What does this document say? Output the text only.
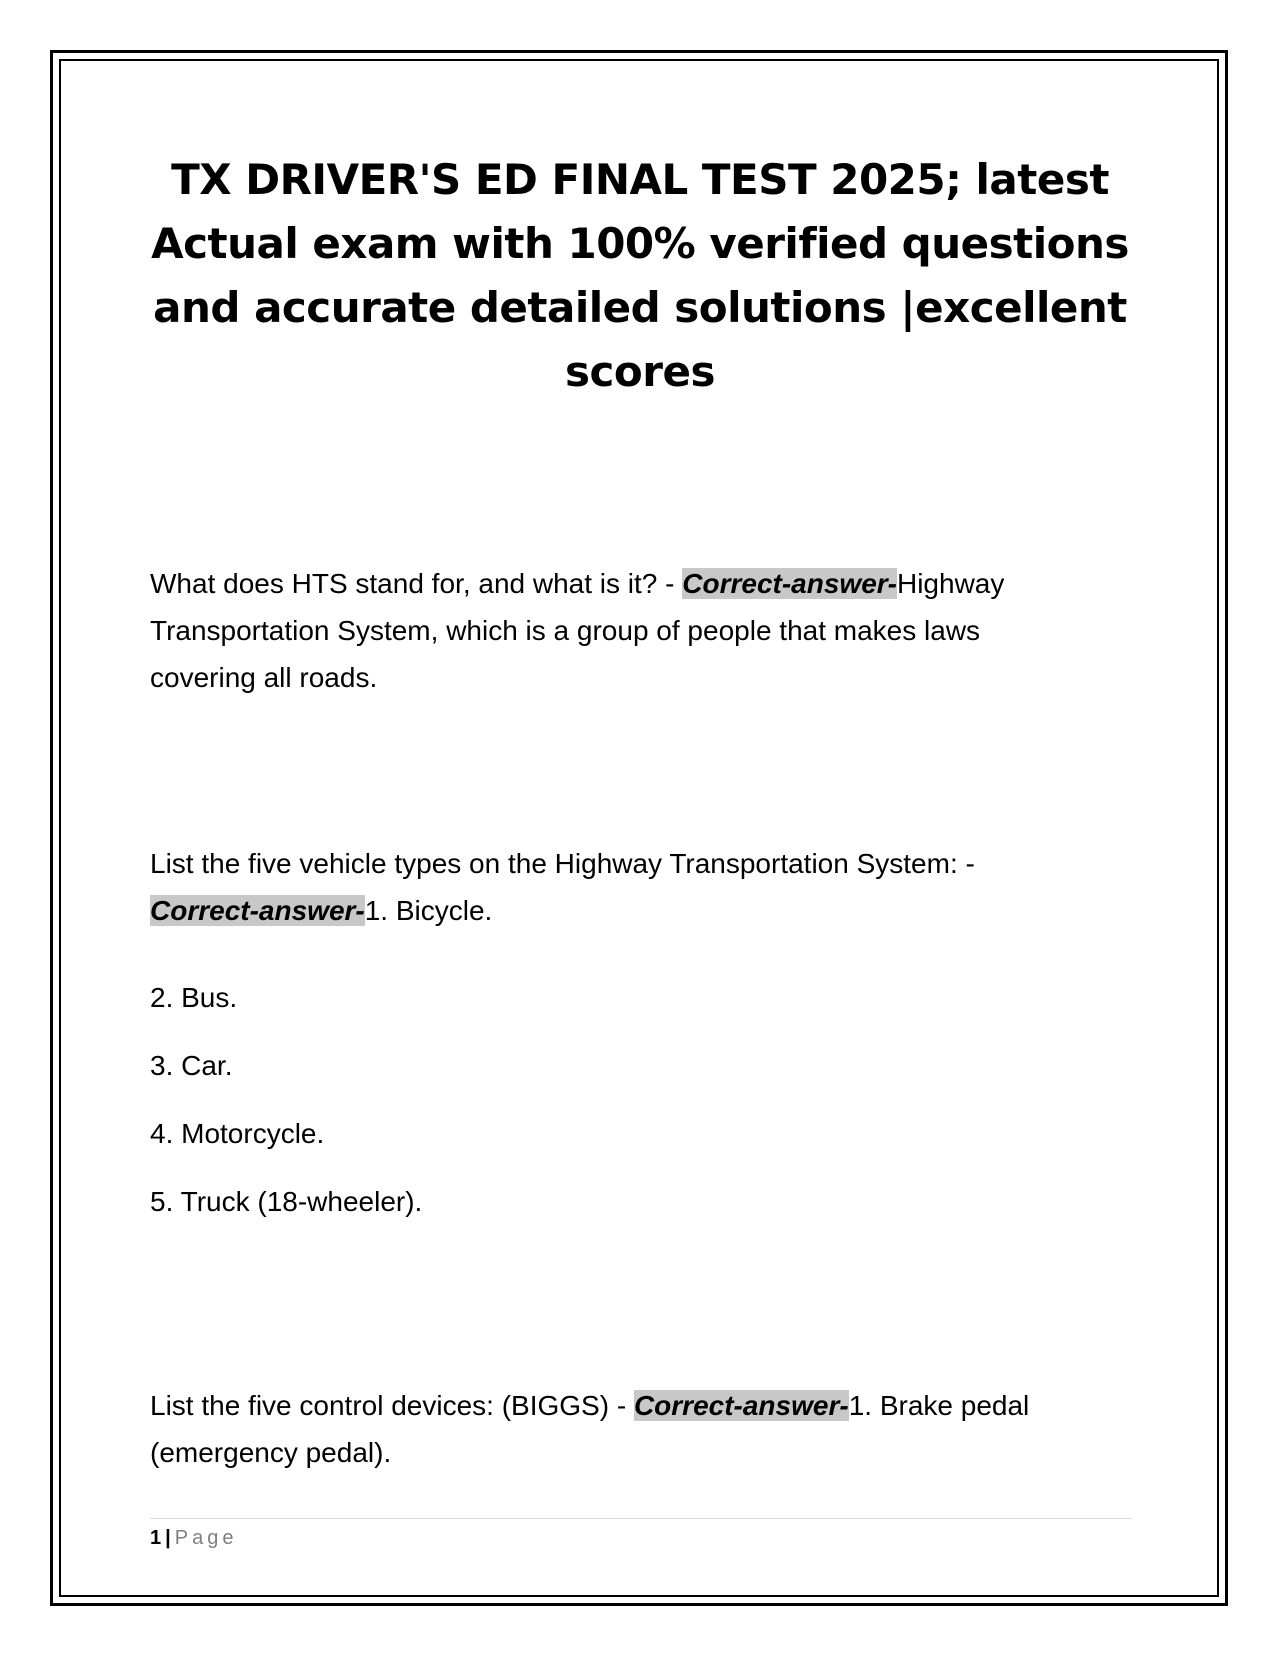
TX DRIVER'S ED FINAL TEST 2025; latest Actual exam with 100% verified questions and accurate detailed solutions |excellent scores

What does HTS stand for, and what is it? - Correct-answer-Highway Transportation System, which is a group of people that makes laws covering all roads.

List the five vehicle types on the Highway Transportation System: - Correct-answer-1. Bicycle.

2. Bus.

3. Car.

4. Motorcycle.

5. Truck (18-wheeler).

List the five control devices: (BIGGS) - Correct-answer-1. Brake pedal (emergency pedal).

1 | Page
